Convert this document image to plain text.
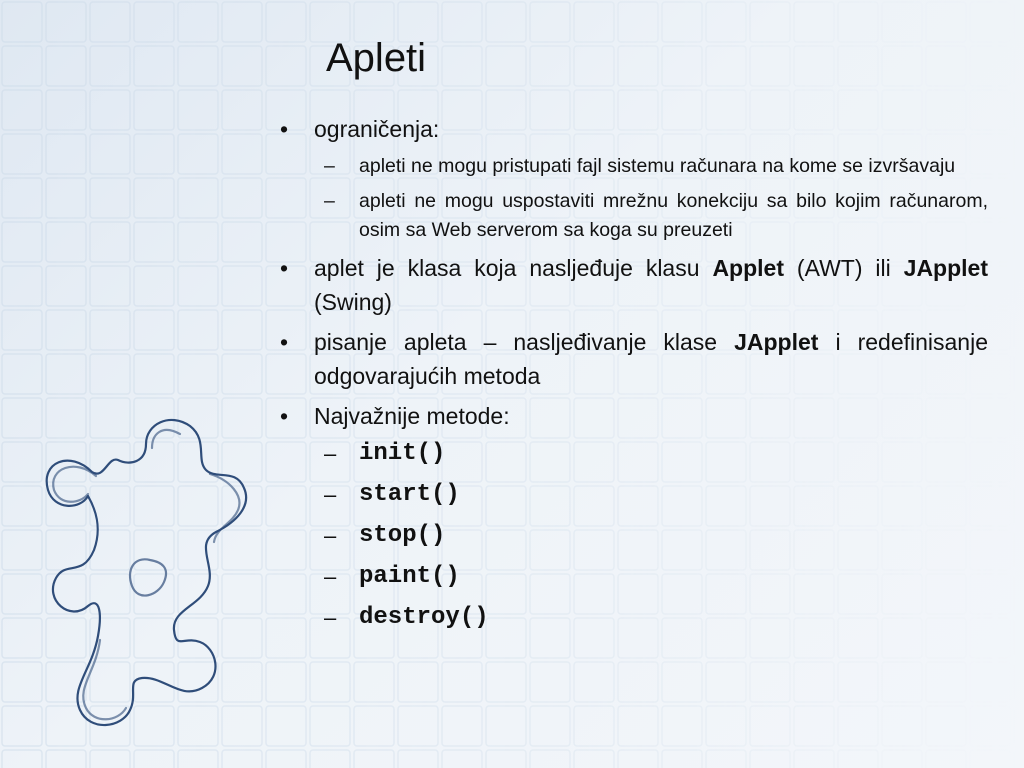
Apleti
•	ograničenja:
– apleti ne mogu pristupati fajl sistemu računara na kome se izvršavaju
– apleti ne mogu uspostaviti mrežnu konekciju sa bilo kojim računarom, osim sa Web serverom sa koga su preuzeti
•	aplet je klasa koja nasljeđuje klasu Applet (AWT) ili JApplet (Swing)
•	pisanje apleta – nasljeđivanje klase JApplet i redefinisanje odgovarajućih metoda
•	Najvažnije metode:
– init()
– start()
– stop()
– paint()
– destroy()
